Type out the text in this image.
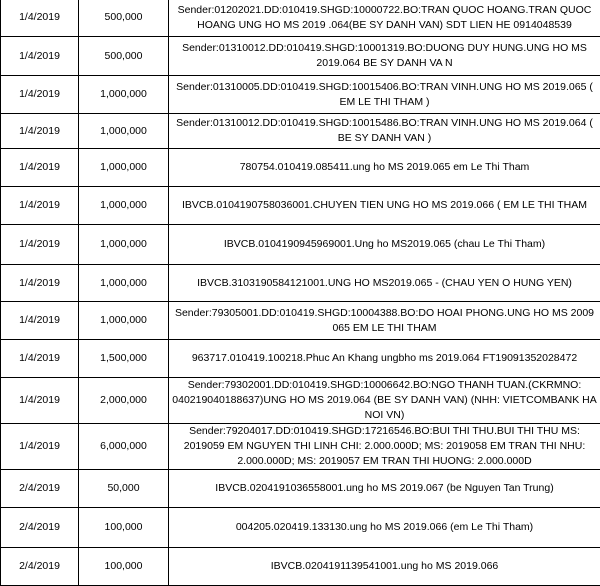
1/4/2019	500,000	Sender:01202021.DD:010419.SHGD:10000722.BO:TRAN QUOC HOANG.TRAN QUOC HOANG UNG HO MS 2019 .064(BE SY DANH VAN) SDT LIEN HE 0914048539

1/4/2019	500,000	Sender:01310012.DD:010419.SHGD:10001319.BO:DUONG DUY HUNG.UNG HO MS 2019.064 BE SY DANH VA N

1/4/2019	1,000,000	Sender:01310005.DD:010419.SHGD:10015406.BO:TRAN VINH.UNG HO MS 2019.065 ( EM LE THI THAM )

1/4/2019	1,000,000	Sender:01310012.DD:010419.SHGD:10015486.BO:TRAN VINH.UNG HO MS 2019.064 ( BE SY DANH VAN )

1/4/2019	1,000,000	780754.010419.085411.ung ho MS 2019.065 em Le Thi Tham

1/4/2019	1,000,000	IBVCB.0104190758036001.CHUYEN TIEN UNG HO MS 2019.066 ( EM LE THI THAM

1/4/2019	1,000,000	IBVCB.0104190945969001.Ung ho MS2019.065 (chau Le Thi Tham)

1/4/2019	1,000,000	IBVCB.3103190584121001.UNG HO MS2019.065 - (CHAU YEN O HUNG YEN)

1/4/2019	1,000,000	Sender:79305001.DD:010419.SHGD:10004388.BO:DO HOAI PHONG.UNG HO MS 2009 065 EM LE THI THAM

1/4/2019	1,500,000	963717.010419.100218.Phuc An Khang ungbho ms 2019.064 FT19091352028472

1/4/2019	2,000,000	Sender:79302001.DD:010419.SHGD:10006642.BO:NGO THANH TUAN.(CKRMNO: 040219040188637)UNG HO MS 2019.064 (BE SY DANH VAN) (NHH: VIETCOMBANK HA NOI VN)

1/4/2019	6,000,000	Sender:79204017.DD:010419.SHGD:17216546.BO:BUI THI THU.BUI THI THU MS: 2019059 EM NGUYEN THI LINH CHI: 2.000.000D; MS: 2019058 EM TRAN THI NHU: 2.000.000D; MS: 2019057 EM TRAN THI HUONG: 2.000.000D

2/4/2019	50,000	IBVCB.0204191036558001.ung ho MS 2019.067 (be Nguyen Tan Trung)

2/4/2019	100,000	004205.020419.133130.ung ho MS 2019.066 (em Le Thi Tham)

2/4/2019	100,000	IBVCB.0204191139541001.ung ho MS 2019.066
